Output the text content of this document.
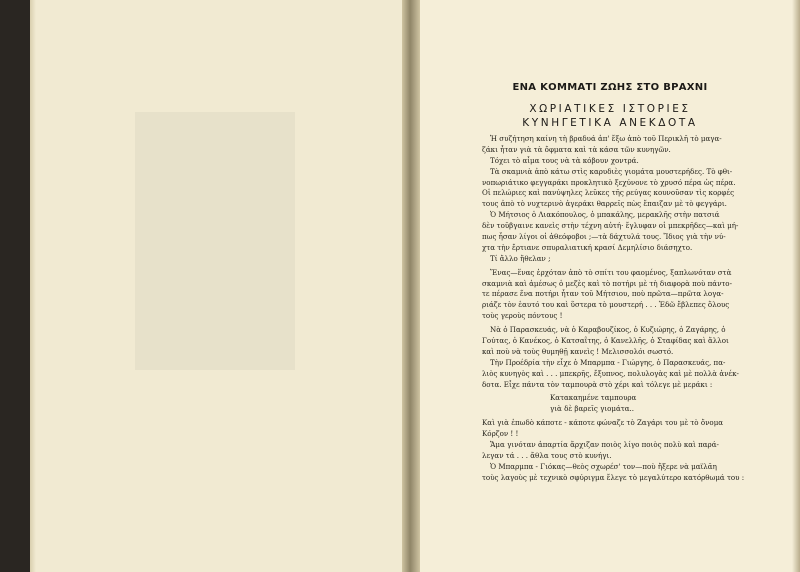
ΕΝΑ ΚΟΜΜΑΤΙ ΖΩΗΣ ΣΤΟ ΒΡΑΧΝΙ
ΧΩΡΙΑΤΙΚΕΣ ΙΣΤΟΡΙΕΣ
ΚΥΝΗΓΕΤΙΚΑ ΑΝΕΚΔΟΤΑ
Ἡ συζήτηση καίνη τὴ βραδυά ἀπ' ἔξω ἀπὸ τοῦ Περικλῆ τὸ μαγα-
ζάκι ἦταν γιὰ τὰ ὄφματα καὶ τὰ κάσα τῶν κυνηγῶν.
Τόχει τὸ αἷμα τους νὰ τὰ κόβουν χοντρά.
Τὰ σκαμνιὰ ἀπὸ κάτω στὶς καρυδιὲς γιομάτα μουστερήδες. Τὸ φθι-
νοπωριάτικο φεγγαράκι προκλητικὸ ξεχύνονε τὸ χρυσό πέρα ὡς πέρα.
Οἱ πελώριες καὶ πανύψηλες λεῦκες τῆς ρεύγας κουνοῦσαν τὶς κορφές
τους ἀπὸ τὸ νυχτερινὸ ἀγεράκι θαρρεῖς πὼς ἔπαιζαν μὲ τὸ φεγγάρι.
Ὁ Μήτσιος ὁ Λιακόπουλος, ὁ μπακάλης, μερακλῆς στὴν πατσιά
δὲν τοῦβγαινε κανεὶς στὴν τέχνη αὐτή· ἔγλυφαν οἱ μπεκρῆδες—καὶ μή-
πως ἦσαν λίγοι οἱ ἀθεόφοβοι ;—τὰ δάχτυλά τους. Ἴδιος γιὰ τὴν νύ-
χτα τὴν ἔρτιανε σπυραλιατική κρασί Δεμηλίσιο διάσηχτο.
Τί ἄλλο ἤθελαν ;
Ἕνας—ἕνας ἐρχόταν ἀπὸ τὸ σπίτι του φαομένος, ξαπλωνόταν στὰ
σκαμνιὰ καὶ ἀμέσως ὁ μεζὲς καὶ τὸ ποτήρι μὲ τὴ διαφορὰ ποὺ πάντο-
τε πέρασε ἕνα ποτήρι ἦταν τοῦ Μήτσιου, ποὺ πρῶτα—πρῶτα λογα-
ριάζε τὸν ἑαυτό του καὶ ὕστερα τὸ μουστερή . . . Ἐδῶ ἔβλεπες ὅλους
τοὺς γεροὺς πόντους !
Νὰ ὁ Παρασκευάς, νὰ ὁ Καραβουζίκος, ὁ Κυζιώρης, ὁ Ζαγάρης, ὁ
Γούτας, ὁ Κανέκος, ὁ Κατσαΐτης, ὁ Κανελλῆς, ὁ Σταφίδας καὶ ἄλλοι
καὶ ποὺ νὰ τοὺς θυμηθῇ κανεὶς ! Μελισσολόι σωστό.
Τὴν Προέδρία τὴν εἶχε ὁ Μπαρμπα - Γιώργης, ὁ Παρασκευάς, πα-
λιὸς κυνηγὸς καὶ . . . μπεκρῆς, ἔξυπνος, πολυλογὰς καὶ μὲ πολλὰ ἀνέκ-
δοτα. Εἶχε πάντα τὸν ταμπουρὰ στὸ χέρι καὶ τόλεγε μὲ μεράκι :
Κατακαημένε ταμπουρα
γιὰ δὲ βαρεῖς γιομάτα..
Καὶ γιὰ ἐπωδὸ κάποτε - κάποτε φώναζε τὸ Ζαγάρι του μὲ τὸ ὄνομα
Κόρζον ! !
Ἅμα γινόταν ἀπαρτία ἄρχιζαν ποιὸς λίγο ποιὸς πολὺ καὶ παρά-
λεγαν τά . . . ἄθλα τους στὸ κυνήγι.
Ὁ Μπαρμπα - Γιόκας—θεὸς σχωρέσ' τον—ποὺ ἤξερε νὰ μαϊλᾶη
τοὺς λαγοὺς μὲ τεχνικὸ σφύριγμα ἔλεγε τὸ μεγαλύτερο κατόρθωμά του :
